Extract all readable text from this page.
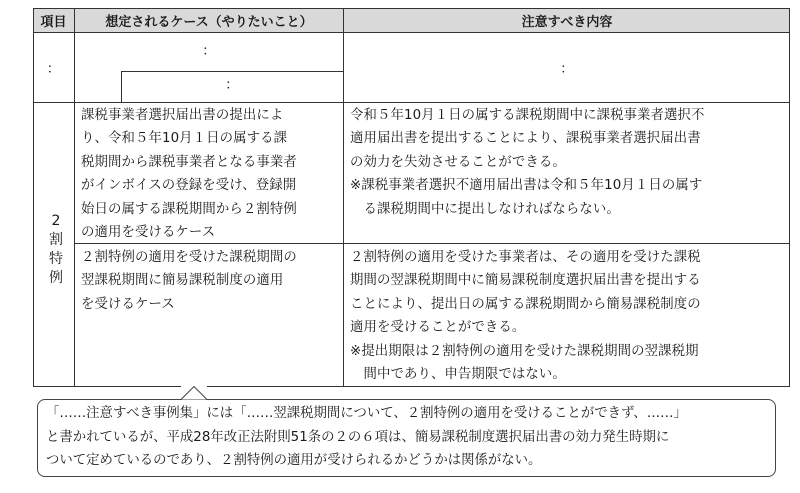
項目	想定されるケース（やりたいこと）	注意すべき内容
：
：
：
：
2
割
特
例
課税事業者選択届出書の提出によ
り、令和５年10月１日の属する課
税期間から課税事業者となる事業者
がインボイスの登録を受け、登録開
始日の属する課税期間から２割特例
の適用を受けるケース
令和５年10月１日の属する課税期間中に課税事業者選択不
適用届出書を提出することにより、課税事業者選択届出書
の効力を失効させることができる。
※課税事業者選択不適用届出書は令和５年10月１日の属す
　る課税期間中に提出しなければならない。
２割特例の適用を受けた課税期間の
翌課税期間に簡易課税制度の適用
を受けるケース
２割特例の適用を受けた事業者は、その適用を受けた課税
期間の翌課税期間中に簡易課税制度選択届出書を提出する
ことにより、提出日の属する課税期間から簡易課税制度の
適用を受けることができる。
※提出期限は２割特例の適用を受けた課税期間の翌課税期
　間中であり、申告期限ではない。
「……注意すべき事例集」には「……翌課税期間について、２割特例の適用を受けることができず、……」
と書かれているが、平成28年改正法附則51条の２の６項は、簡易課税制度選択届出書の効力発生時期に
ついて定めているのであり、２割特例の適用が受けられるかどうかは関係がない。
